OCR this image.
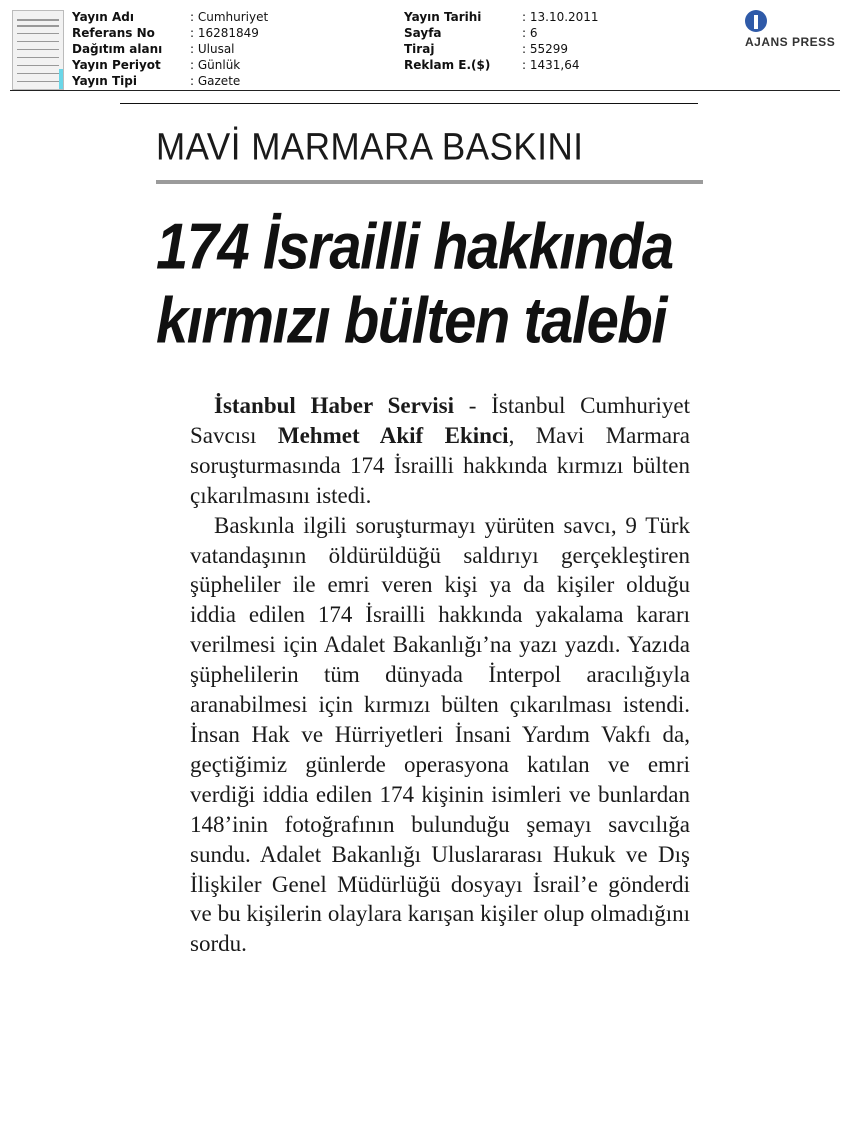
Yayın Adı	: Cumhuriyet
Referans No	: 16281849
Dağıtım alanı	: Ulusal
Yayın Periyot	: Günlük
Yayın Tipi	: Gazete
Yayın Tarihi	: 13.10.2011
Sayfa	: 6
Tiraj	: 55299
Reklam E.($)	: 1431,64
AJANS PRESS
MAVİ MARMARA BASKINI
174 İsrailli hakkında
kırmızı bülten talebi

İstanbul Haber Servisi - İstanbul Cumhuriyet Savcısı Mehmet Akif Ekinci, Mavi Marmara soruşturmasında 174 İsrailli hakkında kırmızı bülten çıkarılmasını istedi.

Baskınla ilgili soruşturmayı yürüten savcı, 9 Türk vatandaşının öldürüldüğü saldırıyı gerçekleştiren şüpheliler ile emri veren kişi ya da kişiler olduğu iddia edilen 174 İsrailli hakkında yakalama kararı verilmesi için Adalet Bakanlığı’na yazı yazdı. Yazıda şüphelilerin tüm dünyada İnterpol aracılığıyla aranabilmesi için kırmızı bülten çıkarılması istendi. İnsan Hak ve Hürriyetleri İnsani Yardım Vakfı da, geçtiğimiz günlerde operasyona katılan ve emri verdiği iddia edilen 174 kişinin isimleri ve bunlardan 148’inin fotoğrafının bulunduğu şemayı savcılığa sundu. Adalet Bakanlığı Uluslararası Hukuk ve Dış İlişkiler Genel Müdürlüğü dosyayı İsrail’e gönderdi ve bu kişilerin olaylara karışan kişiler olup olmadığını sordu.
